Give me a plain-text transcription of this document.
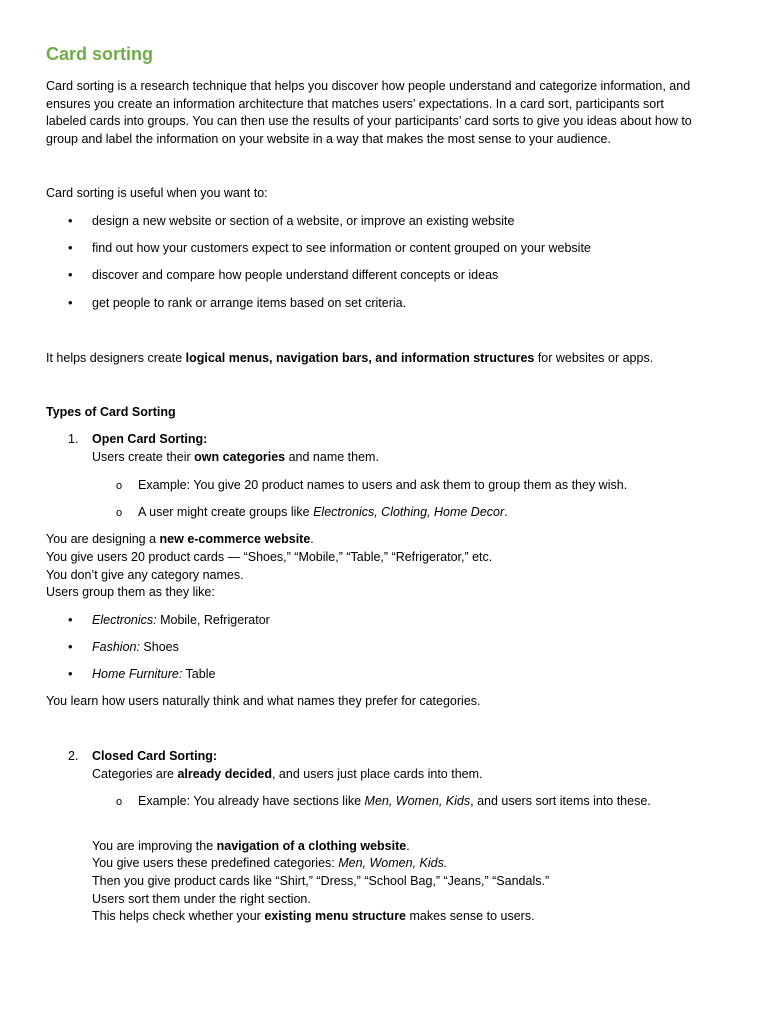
Card sorting
Card sorting is a research technique that helps you discover how people understand and categorize information, and
ensures you create an information architecture that matches users’ expectations. In a card sort, participants sort
labeled cards into groups. You can then use the results of your participants’ card sorts to give you ideas about how to
group and label the information on your website in a way that makes the most sense to your audience.
Card sorting is useful when you want to:
• design a new website or section of a website, or improve an existing website
• find out how your customers expect to see information or content grouped on your website
• discover and compare how people understand different concepts or ideas
• get people to rank or arrange items based on set criteria.
It helps designers create logical menus, navigation bars, and information structures for websites or apps.
Types of Card Sorting
1. Open Card Sorting:
Users create their own categories and name them.
o Example: You give 20 product names to users and ask them to group them as they wish.
o A user might create groups like Electronics, Clothing, Home Decor.
You are designing a new e-commerce website.
You give users 20 product cards — “Shoes,” “Mobile,” “Table,” “Refrigerator,” etc.
You don’t give any category names.
Users group them as they like:
• Electronics: Mobile, Refrigerator
• Fashion: Shoes
• Home Furniture: Table
You learn how users naturally think and what names they prefer for categories.
2. Closed Card Sorting:
Categories are already decided, and users just place cards into them.
o Example: You already have sections like Men, Women, Kids, and users sort items into these.
You are improving the navigation of a clothing website.
You give users these predefined categories: Men, Women, Kids.
Then you give product cards like “Shirt,” “Dress,” “School Bag,” “Jeans,” “Sandals.”
Users sort them under the right section.
This helps check whether your existing menu structure makes sense to users.
